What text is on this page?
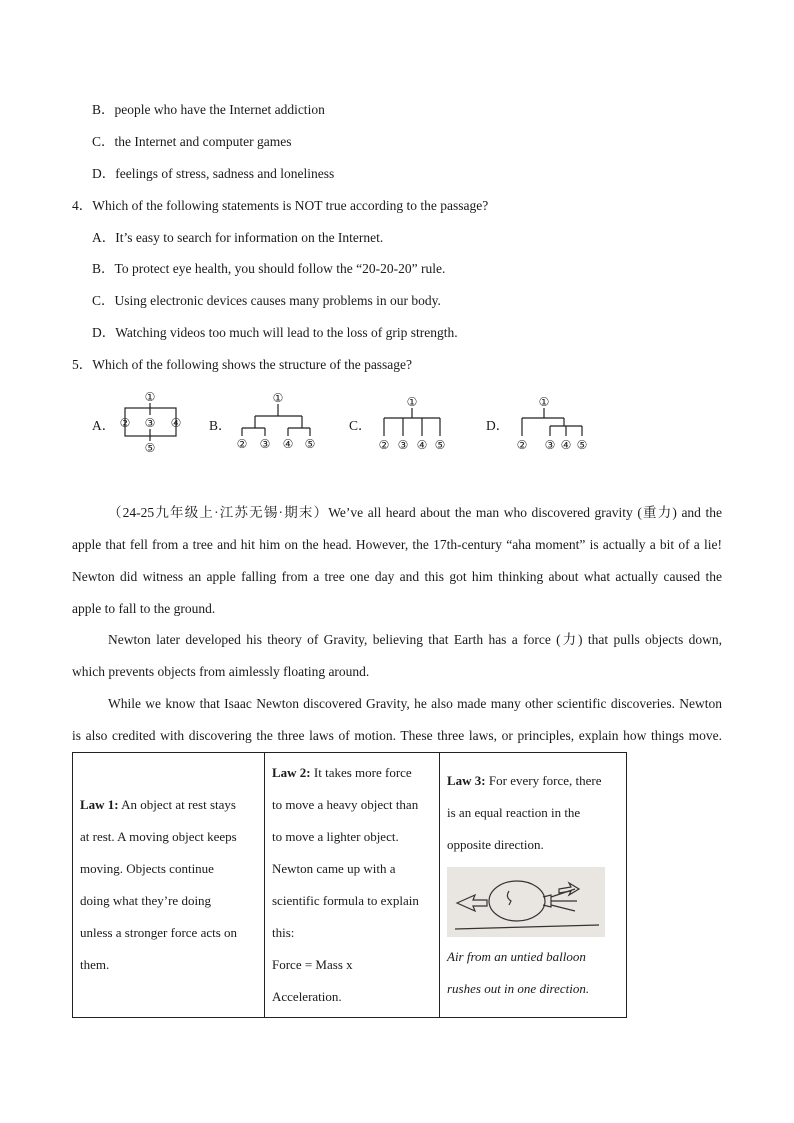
B．people who have the Internet addiction
C．the Internet and computer games
D．feelings of stress, sadness and loneliness
4．Which of the following statements is NOT true according to the passage?
A．It’s easy to search for information on the Internet.
B．To protect eye health, you should follow the “20-20-20” rule.
C．Using electronic devices causes many problems in our body.
D．Watching videos too much will lead to the loss of grip strength.
5．Which of the following shows the structure of the passage?
A．	B．	C．	D．
①
② ③ ④
⑤
①
② ③ ④ ⑤
①
② ③ ④ ⑤
①
② ③ ④ ⑤
（24-25九年级上·江苏无锡·期末）We’ve all heard about the man who discovered gravity (重力) and the
apple that fell from a tree and hit him on the head. However, the 17th-century “aha moment” is actually a bit of a lie!
Newton did witness an apple falling from a tree one day and this got him thinking about what actually caused the
apple to fall to the ground.
Newton later developed his theory of Gravity, believing that Earth has a force (力) that pulls objects down,
which prevents objects from aimlessly floating around.
While we know that Isaac Newton discovered Gravity, he also made many other scientific discoveries. Newton
is also credited with discovering the three laws of motion. These three laws, or principles, explain how things move.
Law 1: An object at rest stays
at rest. A moving object keeps
moving. Objects continue
doing what they’re doing
unless a stronger force acts on
them.

Law 2: It takes more force
to move a heavy object than
to move a lighter object.
Newton came up with a
scientific formula to explain
this:
Force = Mass x
Acceleration.

Law 3: For every force, there
is an equal reaction in the
opposite direction.
Air from an untied balloon
rushes out in one direction.
